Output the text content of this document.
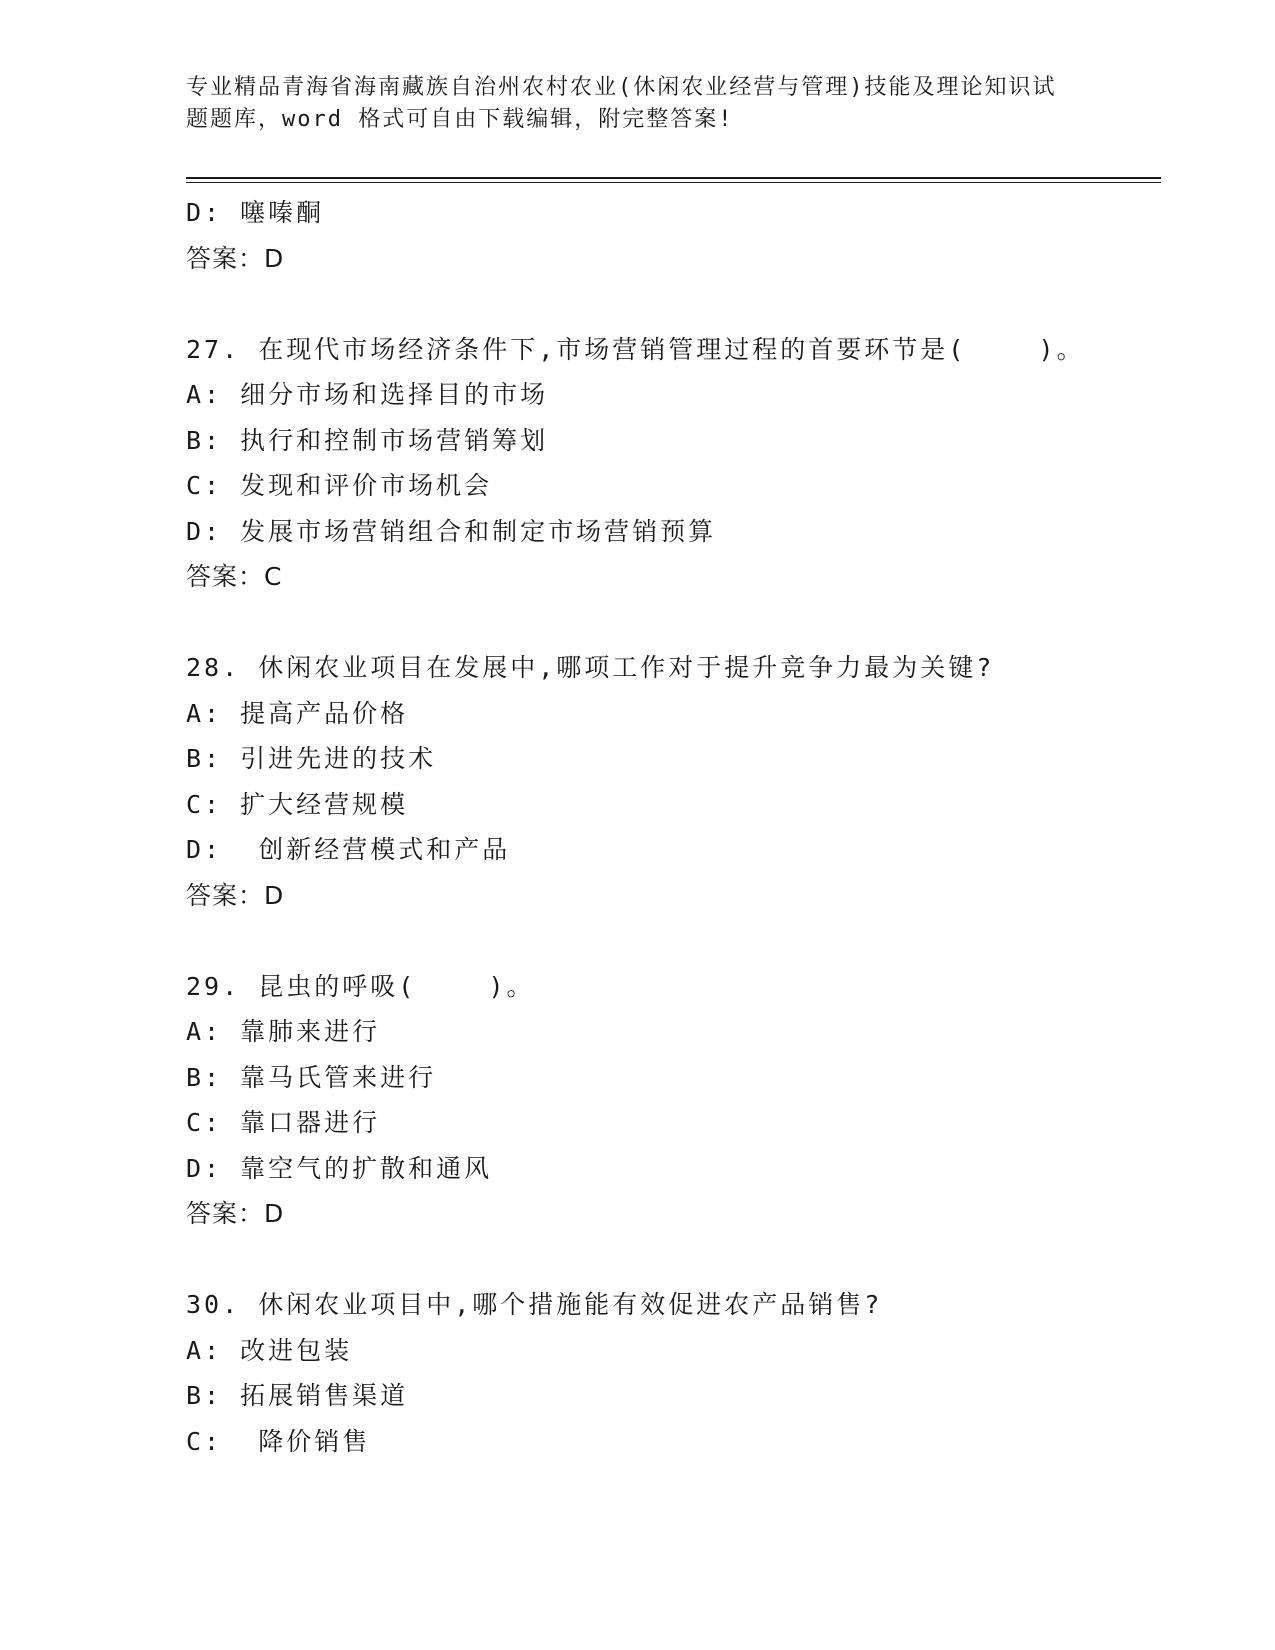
专业精品青海省海南藏族自治州农村农业(休闲农业经营与管理)技能及理论知识试
题题库，word 格式可自由下载编辑，附完整答案!
D: 噻嗪酮
答案：D
27. 在现代市场经济条件下,市场营销管理过程的首要环节是(    )。
A: 细分市场和选择目的市场
B: 执行和控制市场营销筹划
C: 发现和评价市场机会
D: 发展市场营销组合和制定市场营销预算
答案：C
28. 休闲农业项目在发展中,哪项工作对于提升竞争力最为关键?
A: 提高产品价格
B: 引进先进的技术
C: 扩大经营规模
D:  创新经营模式和产品
答案：D
29. 昆虫的呼吸(    )。
A: 靠肺来进行
B: 靠马氏管来进行
C: 靠口器进行
D: 靠空气的扩散和通风
答案：D
30. 休闲农业项目中,哪个措施能有效促进农产品销售?
A: 改进包装
B: 拓展销售渠道
C:  降价销售
